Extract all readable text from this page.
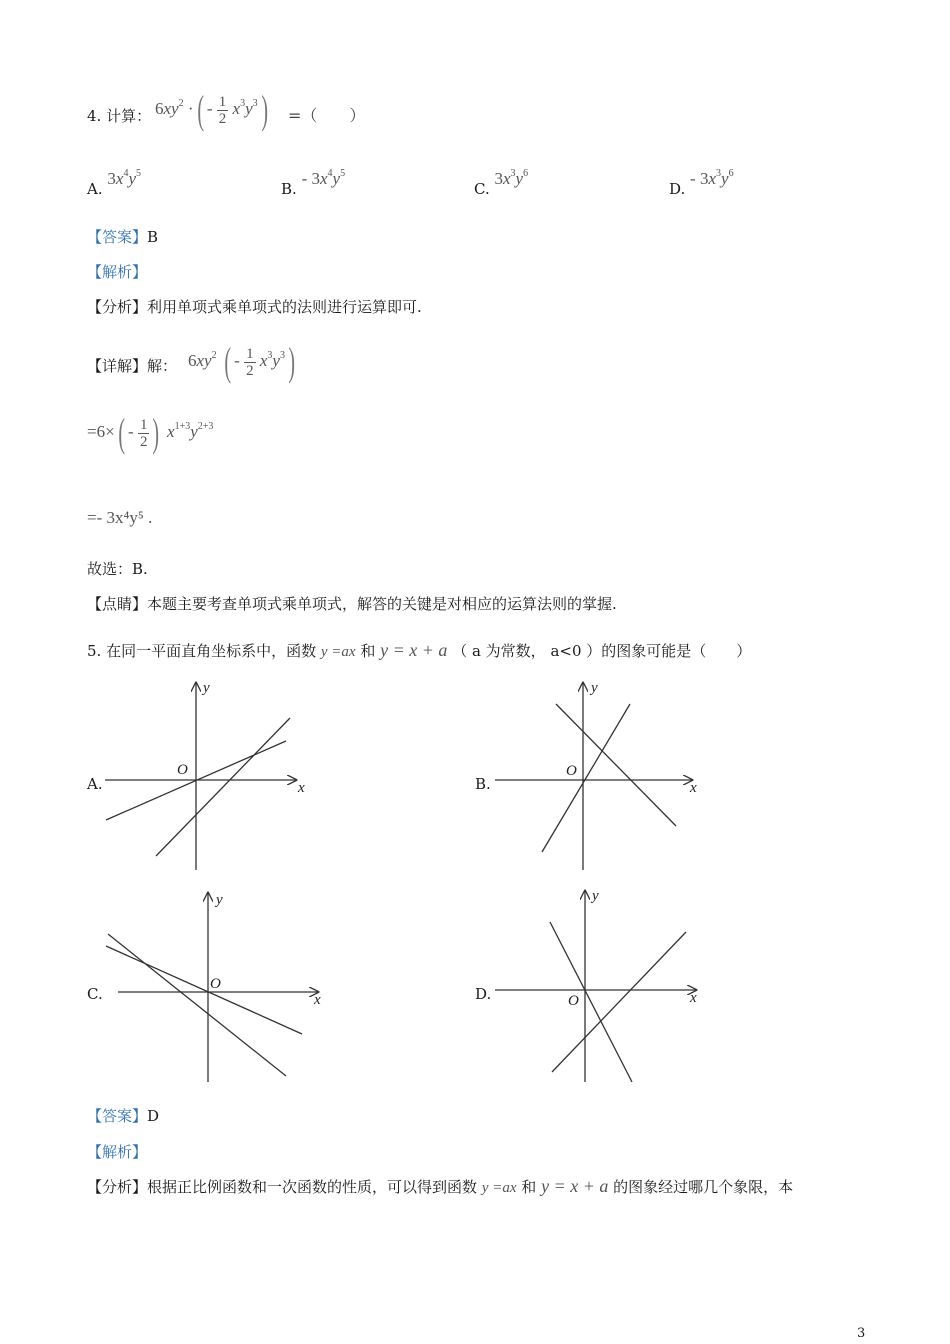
4. 计算： $6xy^2$ ·( - $\frac{1}{2} x^3y^3$) =（　　）
A. $3x^4y^5$
B. - $3x^4y^5$
C. $3x^3y^6$
D. - $3x^3y^6$
【答案】B
【解析】
【分析】利用单项式乘单项式的法则进行运算即可.
【详解】解： $6xy^2$ ( - $\frac{1}{2} x^3y^3$)
$=6\times( - \frac{1}{2}$ ) $x^{1+3}y^{2+3}$
=- 3x⁴y⁵ .
故选：B.
【点睛】本题主要考查单项式乘单项式，解答的关键是对相应的运算法则的掌握.
5. 在同一平面直角坐标系中，函数 y =ax 和 y = x + a （ a 为常数， a<0 ）的图象可能是（　　）
A.	x
y
O
B.	x
y
O
C.	x
y
O
D.	x
y
O
【答案】D
【解析】
【分析】根据正比例函数和一次函数的性质，可以得到函数 y =ax 和 y = x + a 的图象经过哪几个象限，本
3
